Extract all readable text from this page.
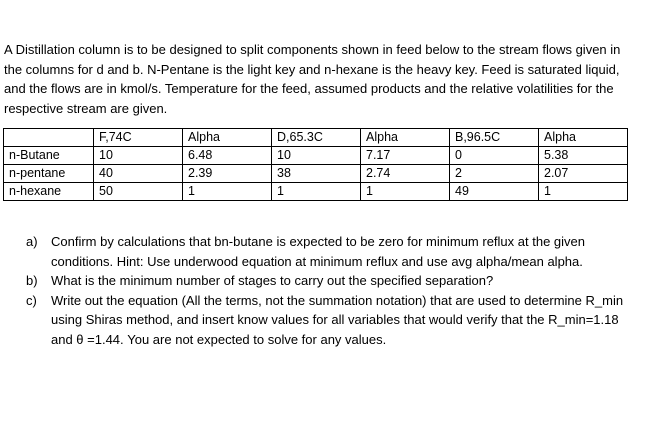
A Distillation column is to be designed to split components shown in feed below to the stream flows given in the columns for d and b. N-Pentane is the light key and n-hexane is the heavy key. Feed is saturated liquid, and the flows are in kmol/s. Temperature for the feed, assumed products and the relative volatilities for the respective stream are given.

	F,74C	Alpha	D,65.3C	Alpha	B,96.5C	Alpha
n-Butane	10	6.48	10	7.17	0	5.38
n-pentane	40	2.39	38	2.74	2	2.07
n-hexane	50	1	1	1	49	1
a)	Confirm by calculations that bn-butane is expected to be zero for minimum reflux at the given conditions. Hint: Use underwood equation at minimum reflux and use avg alpha/mean alpha.
b)	What is the minimum number of stages to carry out the specified separation?
c)	Write out the equation (All the terms, not the summation notation) that are used to determine R_min using Shiras method, and insert know values for all variables that would verify that the R_min=1.18 and θ =1.44. You are not expected to solve for any values.
